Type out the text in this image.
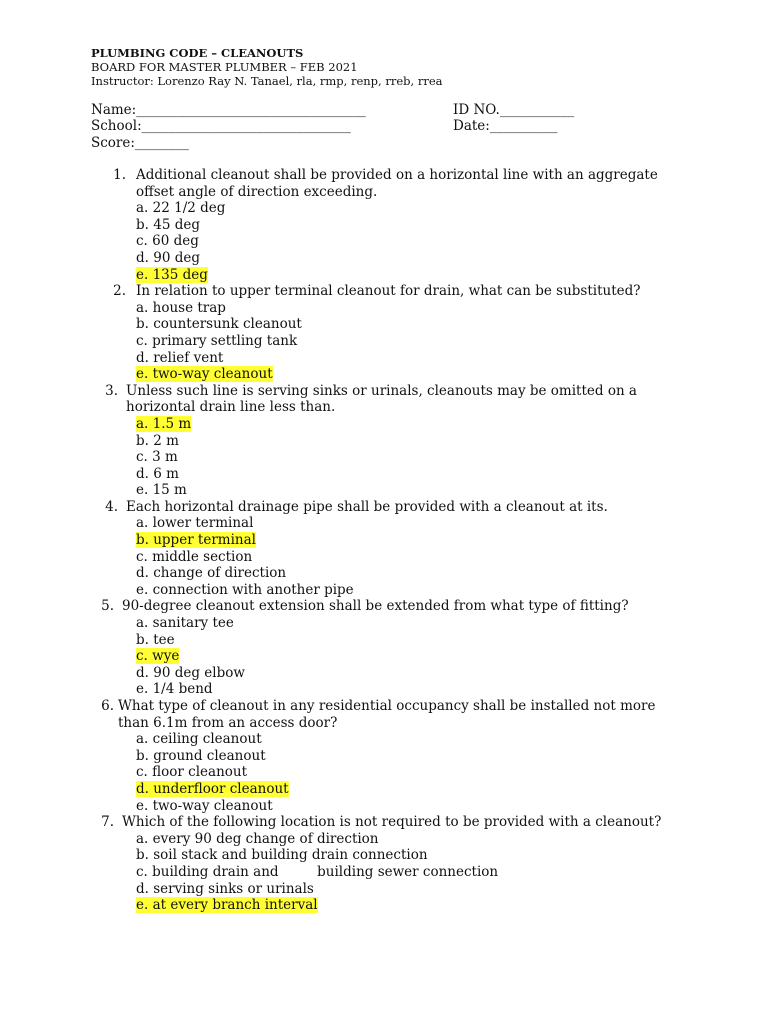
PLUMBING CODE – CLEANOUTS
BOARD FOR MASTER PLUMBER – FEB 2021
Instructor: Lorenzo Ray N. Tanael, rla, rmp, renp, rreb, rrea
Name:__________________________________
School:_______________________________
Score:________
ID NO.___________
Date:__________
1. Additional cleanout shall be provided on a horizontal line with an aggregate offset angle of direction exceeding.
a. 22 1/2 deg
b. 45 deg
c. 60 deg
d. 90 deg
e. 135 deg
2. In relation to upper terminal cleanout for drain, what can be substituted?
a. house trap
b. countersunk cleanout
c. primary settling tank
d. relief vent
e. two-way cleanout
3. Unless such line is serving sinks or urinals, cleanouts may be omitted on a horizontal drain line less than.
a. 1.5 m
b. 2 m
c. 3 m
d. 6 m
e. 15 m
4. Each horizontal drainage pipe shall be provided with a cleanout at its.
a. lower terminal
b. upper terminal
c. middle section
d. change of direction
e. connection with another pipe
5. 90-degree cleanout extension shall be extended from what type of fitting?
a. sanitary tee
b. tee
c. wye
d. 90 deg elbow
e. 1/4 bend
6. What type of cleanout in any residential occupancy shall be installed not more than 6.1m from an access door?
a. ceiling cleanout
b. ground cleanout
c. floor cleanout
d. underfloor cleanout
e. two-way cleanout
7. Which of the following location is not required to be provided with a cleanout?
a. every 90 deg change of direction
b. soil stack and building drain connection
c. building drain and         building sewer connection
d. serving sinks or urinals
e. at every branch interval
